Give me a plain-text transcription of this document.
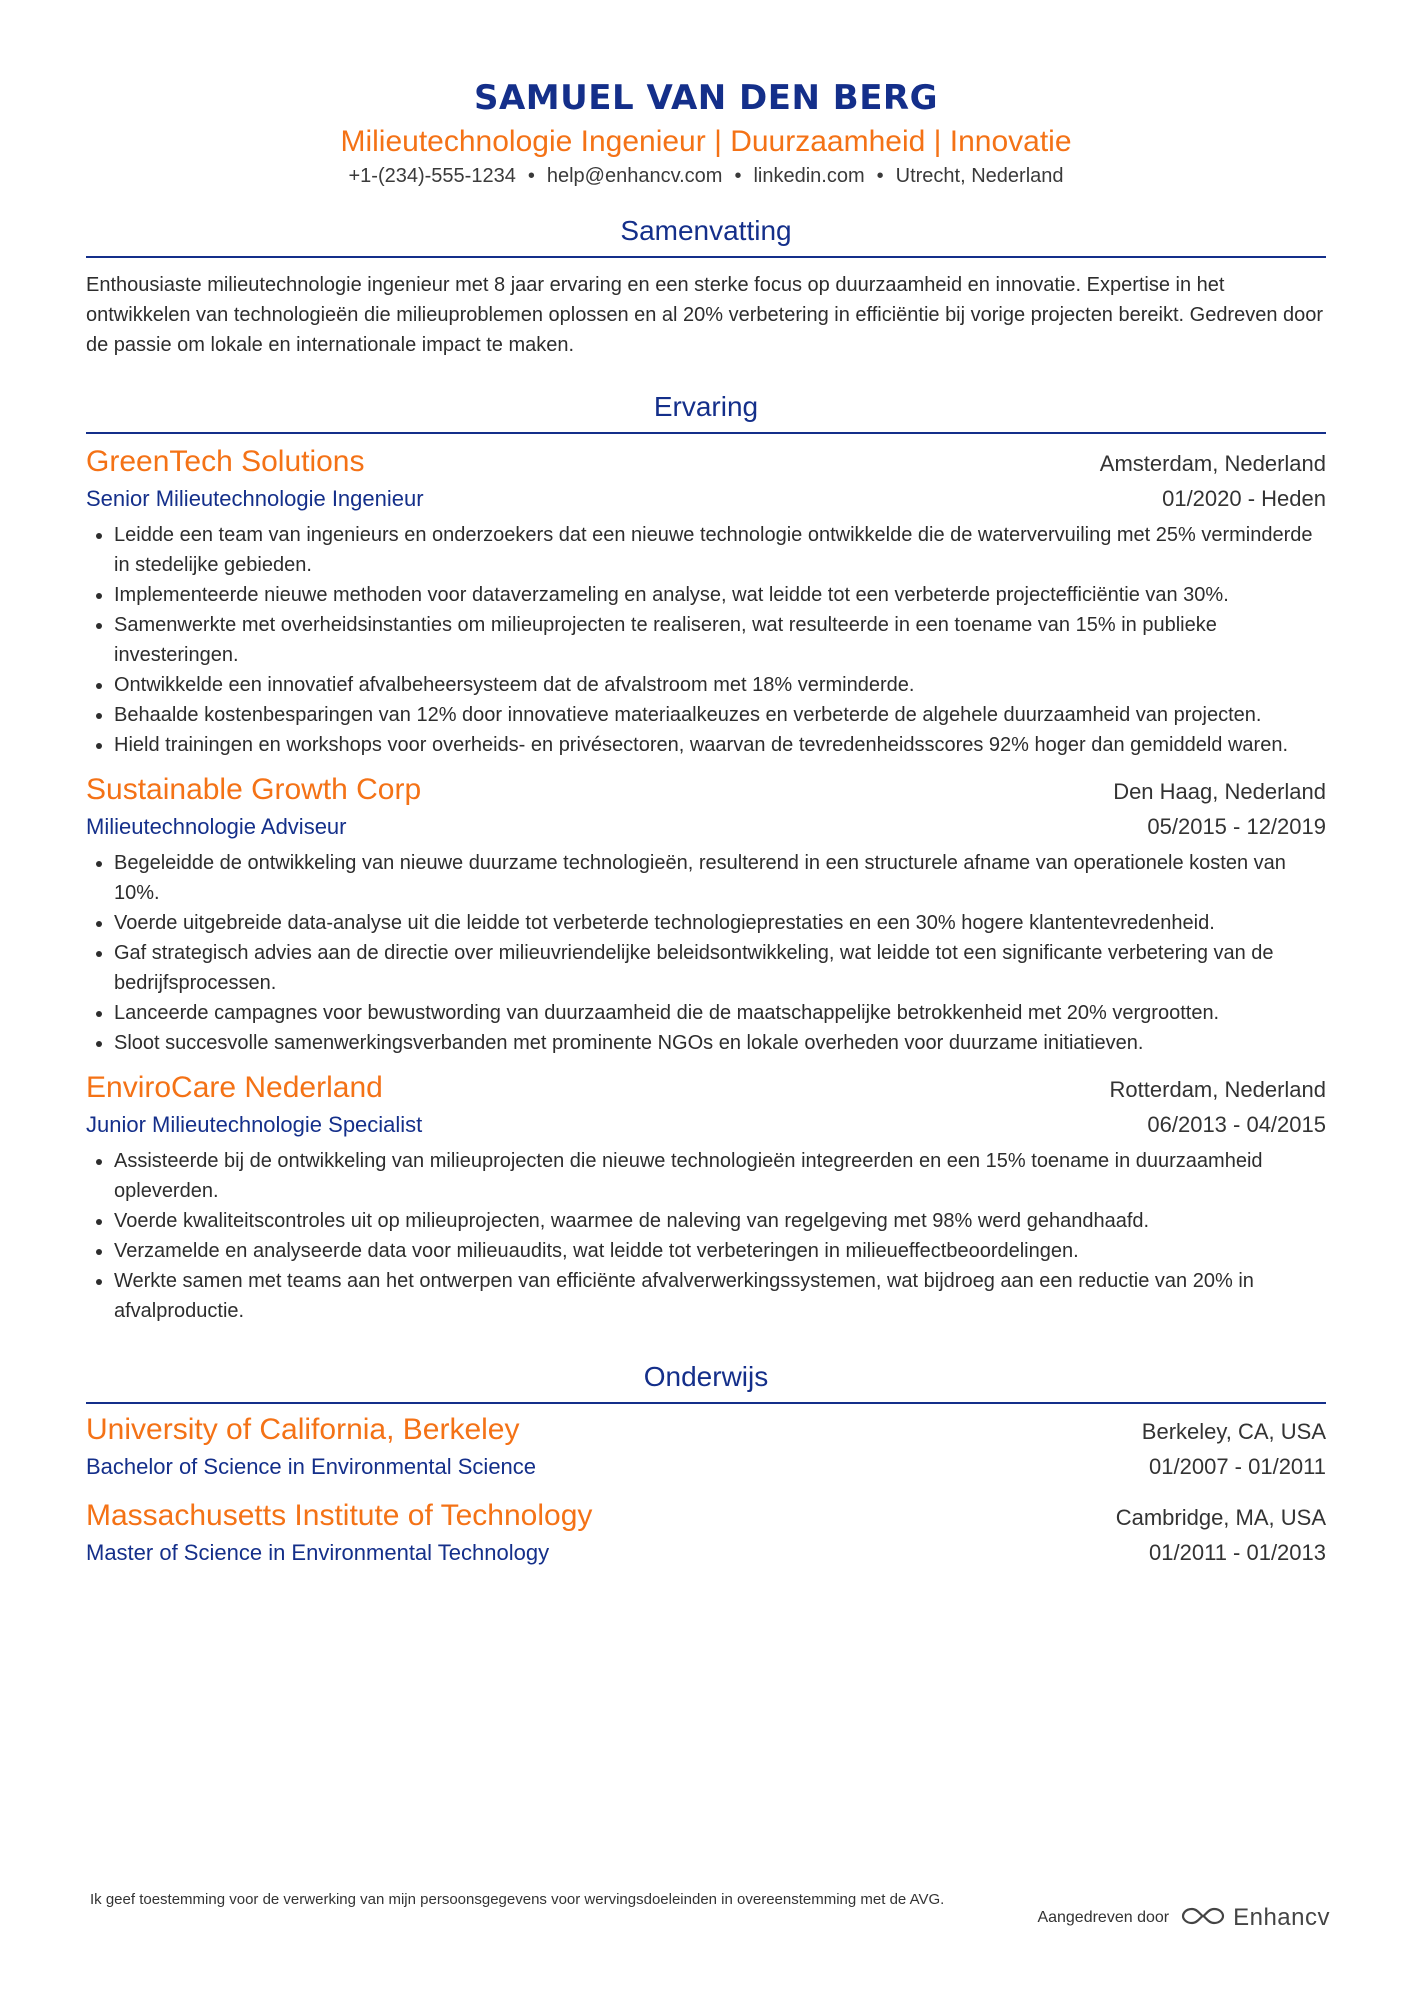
SAMUEL VAN DEN BERG
Milieutechnologie Ingenieur | Duurzaamheid | Innovatie
+1-(234)-555-1234 • help@enhancv.com • linkedin.com • Utrecht, Nederland
Samenvatting
Enthousiaste milieutechnologie ingenieur met 8 jaar ervaring en een sterke focus op duurzaamheid en innovatie. Expertise in het ontwikkelen van technologieën die milieuproblemen oplossen en al 20% verbetering in efficiëntie bij vorige projecten bereikt. Gedreven door de passie om lokale en internationale impact te maken.
Ervaring
GreenTech Solutions	Amsterdam, Nederland
Senior Milieutechnologie Ingenieur	01/2020 - Heden
Leidde een team van ingenieurs en onderzoekers dat een nieuwe technologie ontwikkelde die de watervervuiling met 25% verminderde in stedelijke gebieden.
Implementeerde nieuwe methoden voor dataverzameling en analyse, wat leidde tot een verbeterde projectefficiëntie van 30%.
Samenwerkte met overheidsinstanties om milieuprojecten te realiseren, wat resulteerde in een toename van 15% in publieke investeringen.
Ontwikkelde een innovatief afvalbeheersysteem dat de afvalstroom met 18% verminderde.
Behaalde kostenbesparingen van 12% door innovatieve materiaalkeuzes en verbeterde de algehele duurzaamheid van projecten.
Hield trainingen en workshops voor overheids- en privésectoren, waarvan de tevredenheidsscores 92% hoger dan gemiddeld waren.
Sustainable Growth Corp	Den Haag, Nederland
Milieutechnologie Adviseur	05/2015 - 12/2019
Begeleidde de ontwikkeling van nieuwe duurzame technologieën, resulterend in een structurele afname van operationele kosten van 10%.
Voerde uitgebreide data-analyse uit die leidde tot verbeterde technologieprestaties en een 30% hogere klantentevredenheid.
Gaf strategisch advies aan de directie over milieuvriendelijke beleidsontwikkeling, wat leidde tot een significante verbetering van de bedrijfsprocessen.
Lanceerde campagnes voor bewustwording van duurzaamheid die de maatschappelijke betrokkenheid met 20% vergrootten.
Sloot succesvolle samenwerkingsverbanden met prominente NGOs en lokale overheden voor duurzame initiatieven.
EnviroCare Nederland	Rotterdam, Nederland
Junior Milieutechnologie Specialist	06/2013 - 04/2015
Assisteerde bij de ontwikkeling van milieuprojecten die nieuwe technologieën integreerden en een 15% toename in duurzaamheid opleverden.
Voerde kwaliteitscontroles uit op milieuprojecten, waarmee de naleving van regelgeving met 98% werd gehandhaafd.
Verzamelde en analyseerde data voor milieuaudits, wat leidde tot verbeteringen in milieueffectbeoordelingen.
Werkte samen met teams aan het ontwerpen van efficiënte afvalverwerkingssystemen, wat bijdroeg aan een reductie van 20% in afvalproductie.
Onderwijs
University of California, Berkeley	Berkeley, CA, USA
Bachelor of Science in Environmental Science	01/2007 - 01/2011
Massachusetts Institute of Technology	Cambridge, MA, USA
Master of Science in Environmental Technology	01/2011 - 01/2013
Ik geef toestemming voor de verwerking van mijn persoonsgegevens voor wervingsdoeleinden in overeenstemming met de AVG.
Aangedreven door	Enhancv
